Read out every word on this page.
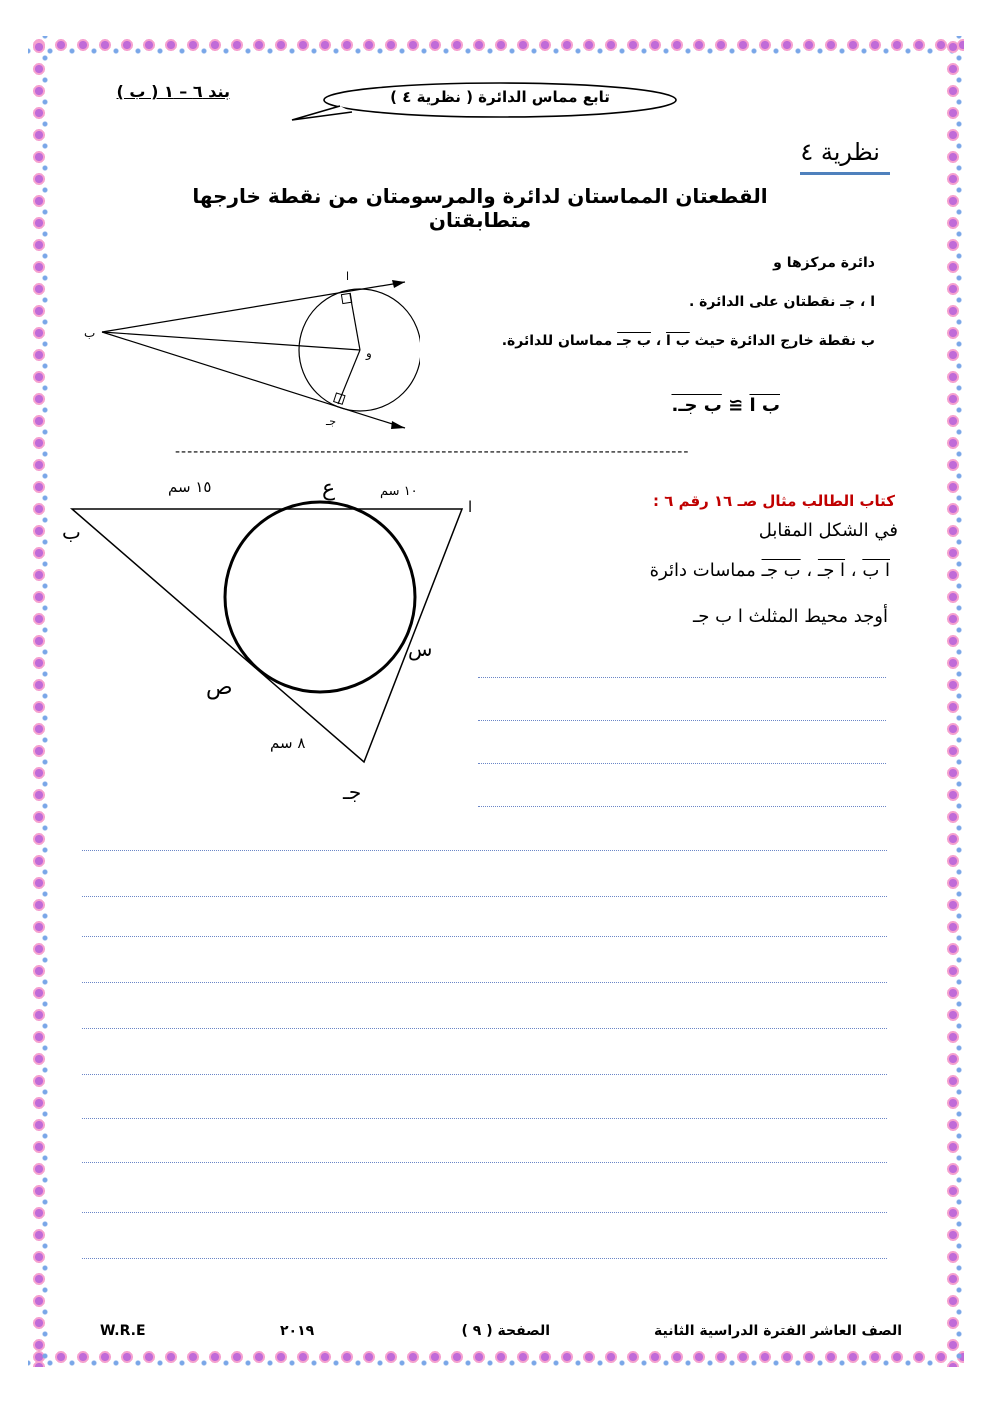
بند ٦ – ١ ( ب )	تابع مماس الدائرة ( نظرية ٤ )
نظرية ٤
القطعتان المماستان لدائرة والمرسومتان من نقطة خارجها متطابقتان
ب
و
ا
جـ
دائرة مركزها و
ا ، جـ نقطتان على الدائرة .
ب نقطة خارج الدائرة حيث ب ا ، ب جـ مماسان للدائرة.
ب ا ≅ ب جـ.
-------------------------------------------------------------------------------------
ا
ب
جـ
ع
س
ص
١٥ سم	١٠ سم
٨ سم
كتاب الطالب مثال صـ ١٦ رقم ٦ :
في الشكل المقابل
ا ب ، ا جـ ، ب جـ مماسات دائرة
أوجد محيط المثلث ا ب جـ
الصف العاشر الفترة الدراسية الثانية
الصفحة ( ٩ )
٢٠١٩
W.R.E
